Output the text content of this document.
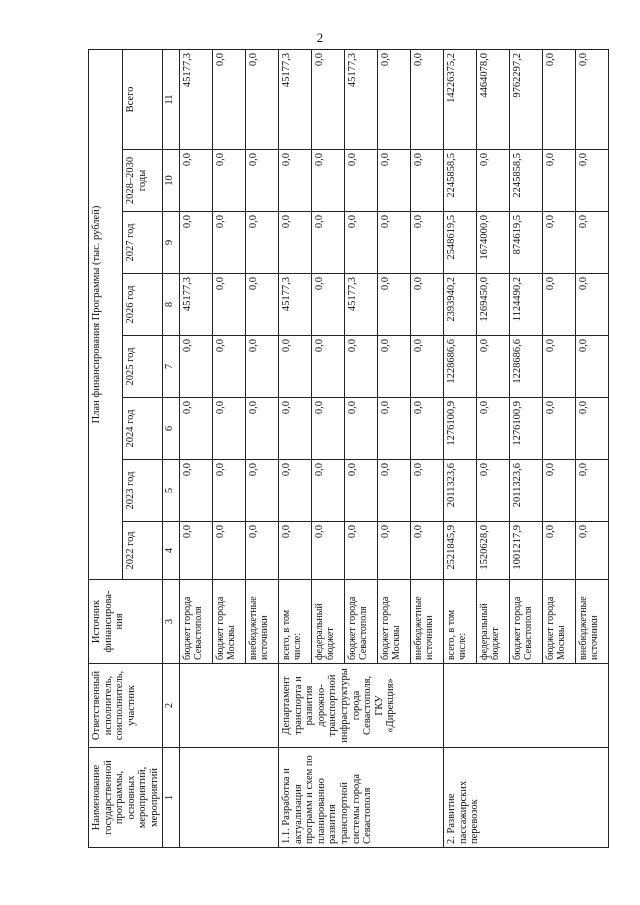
2
Наименование государственной программы, основных мероприятий, мероприятий	Ответственный исполнитель, соисполнитель, участник	Источник финансирова-ния	План финансирования Программы (тыс. рублей)							
			2022 год	2023 год	2024 год	2025 год	2026 год	2027 год	2028–2030 годы	Всего
1	2	3	4	5	6	7	8	9	10	11
		бюджет города Севастополя	0,0	0,0	0,0	0,0	45177,3	0,0	0,0	45177,3
		бюджет города Москвы	0,0	0,0	0,0	0,0	0,0	0,0	0,0	0,0
		внебюджетные источники	0,0	0,0	0,0	0,0	0,0	0,0	0,0	0,0
1.1. Разработка и актуализация программ и схем по планированию развития транспортной системы города Севастополя	Департамент транспорта и развития дорожно-транспортной инфраструктуры города Севастополя, ГКУ «Дирекция»	всего, в том числе:	0,0	0,0	0,0	0,0	45177,3	0,0	0,0	45177,3
		федеральный бюджет	0,0	0,0	0,0	0,0	0,0	0,0	0,0	0,0
		бюджет города Севастополя	0,0	0,0	0,0	0,0	45177,3	0,0	0,0	45177,3
		бюджет города Москвы	0,0	0,0	0,0	0,0	0,0	0,0	0,0	0,0
		внебюджетные источники	0,0	0,0	0,0	0,0	0,0	0,0	0,0	0,0
2. Развитие пассажирских перевозок		всего, в том числе:	2521845,9	2011323,6	1276100,9	1228686,6	2393940,2	2548619,5	2245858,5	14226375,2
		федеральный бюджет	1520628,0	0,0	0,0	0,0	1269450,0	1674000,0	0,0	4464078,0
		бюджет города Севастополя	1001217,9	2011323,6	1276100,9	1228686,6	1124490,2	874619,5	2245858,5	9762297,2
		бюджет города Москвы	0,0	0,0	0,0	0,0	0,0	0,0	0,0	0,0
		внебюджетные источники	0,0	0,0	0,0	0,0	0,0	0,0	0,0	0,0
